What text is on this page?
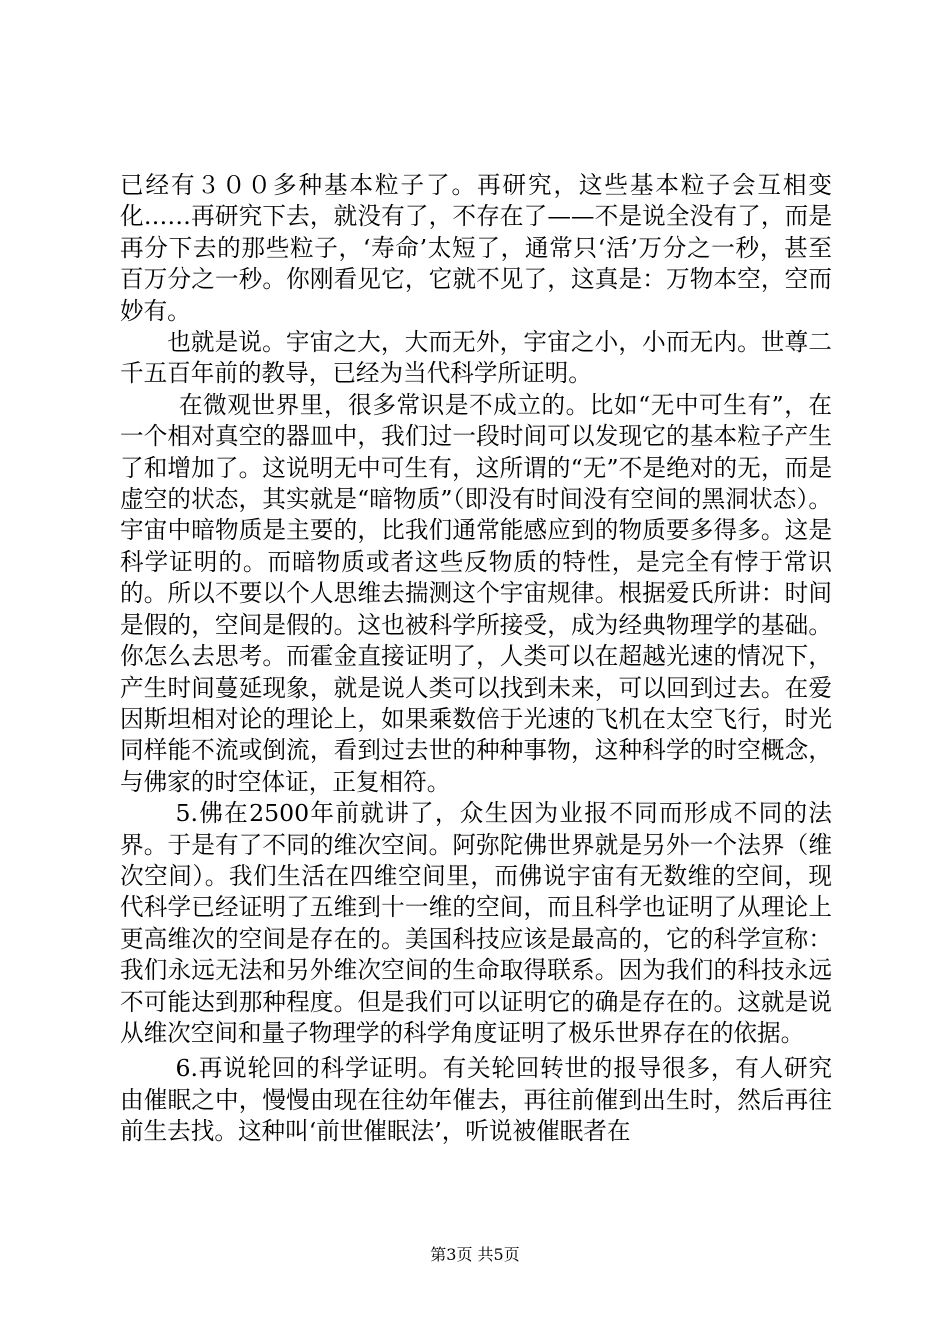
已经有３００多种基本粒子了。再研究，这些基本粒子会互相变化……再研究下去，就没有了，不存在了——不是说全没有了，而是再分下去的那些粒子，‘寿命’太短了，通常只‘活’万分之一秒，甚至百万分之一秒。你刚看见它，它就不见了，这真是：万物本空，空而妙有。

也就是说。宇宙之大，大而无外，宇宙之小，小而无内。世尊二千五百年前的教导，已经为当代科学所证明。

在微观世界里，很多常识是不成立的。比如“无中可生有”，在一个相对真空的器皿中，我们过一段时间可以发现它的基本粒子产生了和增加了。这说明无中可生有，这所谓的“无”不是绝对的无，而是虚空的状态，其实就是“暗物质”（即没有时间没有空间的黑洞状态）。宇宙中暗物质是主要的，比我们通常能感应到的物质要多得多。这是科学证明的。而暗物质或者这些反物质的特性，是完全有悖于常识的。所以不要以个人思维去揣测这个宇宙规律。根据爱氏所讲：时间是假的，空间是假的。这也被科学所接受，成为经典物理学的基础。你怎么去思考。而霍金直接证明了，人类可以在超越光速的情况下，产生时间蔓延现象，就是说人类可以找到未来，可以回到过去。在爱因斯坦相对论的理论上，如果乘数倍于光速的飞机在太空飞行，时光同样能不流或倒流，看到过去世的种种事物，这种科学的时空概念，与佛家的时空体证，正复相符。

5.佛在2500年前就讲了，众生因为业报不同而形成不同的法界。于是有了不同的维次空间。阿弥陀佛世界就是另外一个法界（维次空间）。我们生活在四维空间里，而佛说宇宙有无数维的空间，现代科学已经证明了五维到十一维的空间，而且科学也证明了从理论上更高维次的空间是存在的。美国科技应该是最高的，它的科学宣称：我们永远无法和另外维次空间的生命取得联系。因为我们的科技永远不可能达到那种程度。但是我们可以证明它的确是存在的。这就是说从维次空间和量子物理学的科学角度证明了极乐世界存在的依据。

6.再说轮回的科学证明。有关轮回转世的报导很多，有人研究由催眠之中，慢慢由现在往幼年催去，再往前催到出生时，然后再往前生去找。这种叫‘前世催眠法’，听说被催眠者在

第3页 共5页
